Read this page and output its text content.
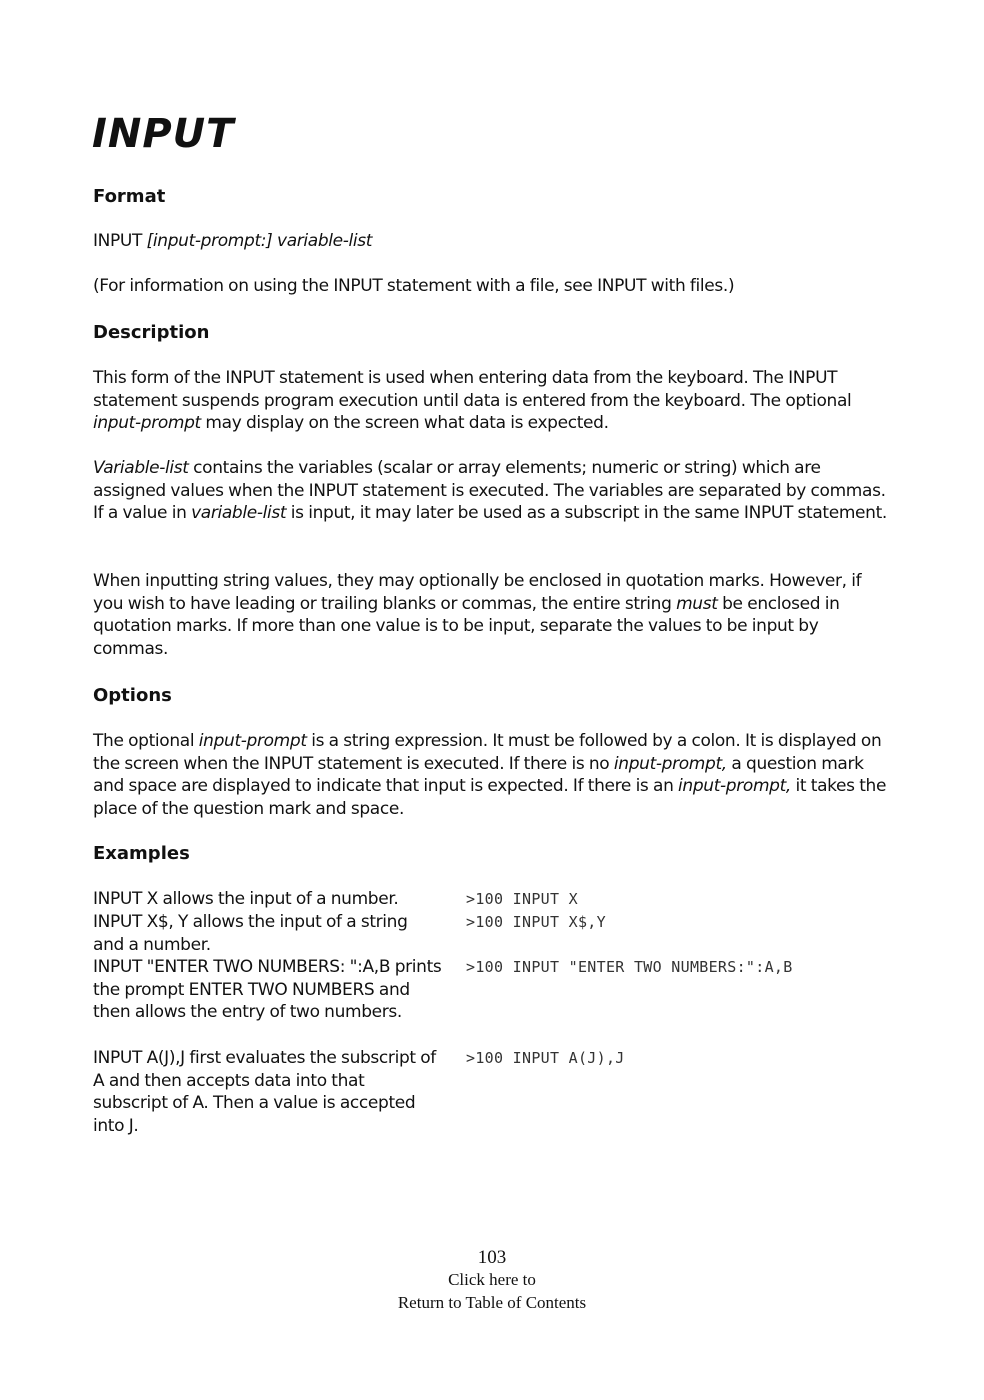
INPUT
Format

INPUT [input-prompt:] variable-list

(For information on using the INPUT statement with a file, see INPUT with files.)

Description

This form of the INPUT statement is used when entering data from the keyboard. The INPUT statement suspends program execution until data is entered from the keyboard. The optional input-prompt may display on the screen what data is expected.

Variable-list contains the variables (scalar or array elements; numeric or string) which are assigned values when the INPUT statement is executed. The variables are separated by commas. If a value in variable-list is input, it may later be used as a subscript in the same INPUT statement.

When inputting string values, they may optionally be enclosed in quotation marks. However, if you wish to have leading or trailing blanks or commas, the entire string must be enclosed in quotation marks. If more than one value is to be input, separate the values to be input by commas.

Options

The optional input-prompt is a string expression. It must be followed by a colon. It is displayed on the screen when the INPUT statement is executed. If there is no input-prompt, a question mark and space are displayed to indicate that input is expected. If there is an input-prompt, it takes the place of the question mark and space.

Examples

INPUT X allows the input of a number.	>100 INPUT X

INPUT X$, Y allows the input of a string and a number.

>100 INPUT X$,Y

INPUT "ENTER TWO NUMBERS: ":A,B prints the prompt ENTER TWO NUMBERS and then allows the entry of two numbers.

>100 INPUT "ENTER TWO NUMBERS:":A,B

INPUT A(J),J first evaluates the subscript of A and then accepts data into that subscript of A. Then a value is accepted into J.

>100 INPUT A(J),J

103

Click here to

Return to Table of Contents
